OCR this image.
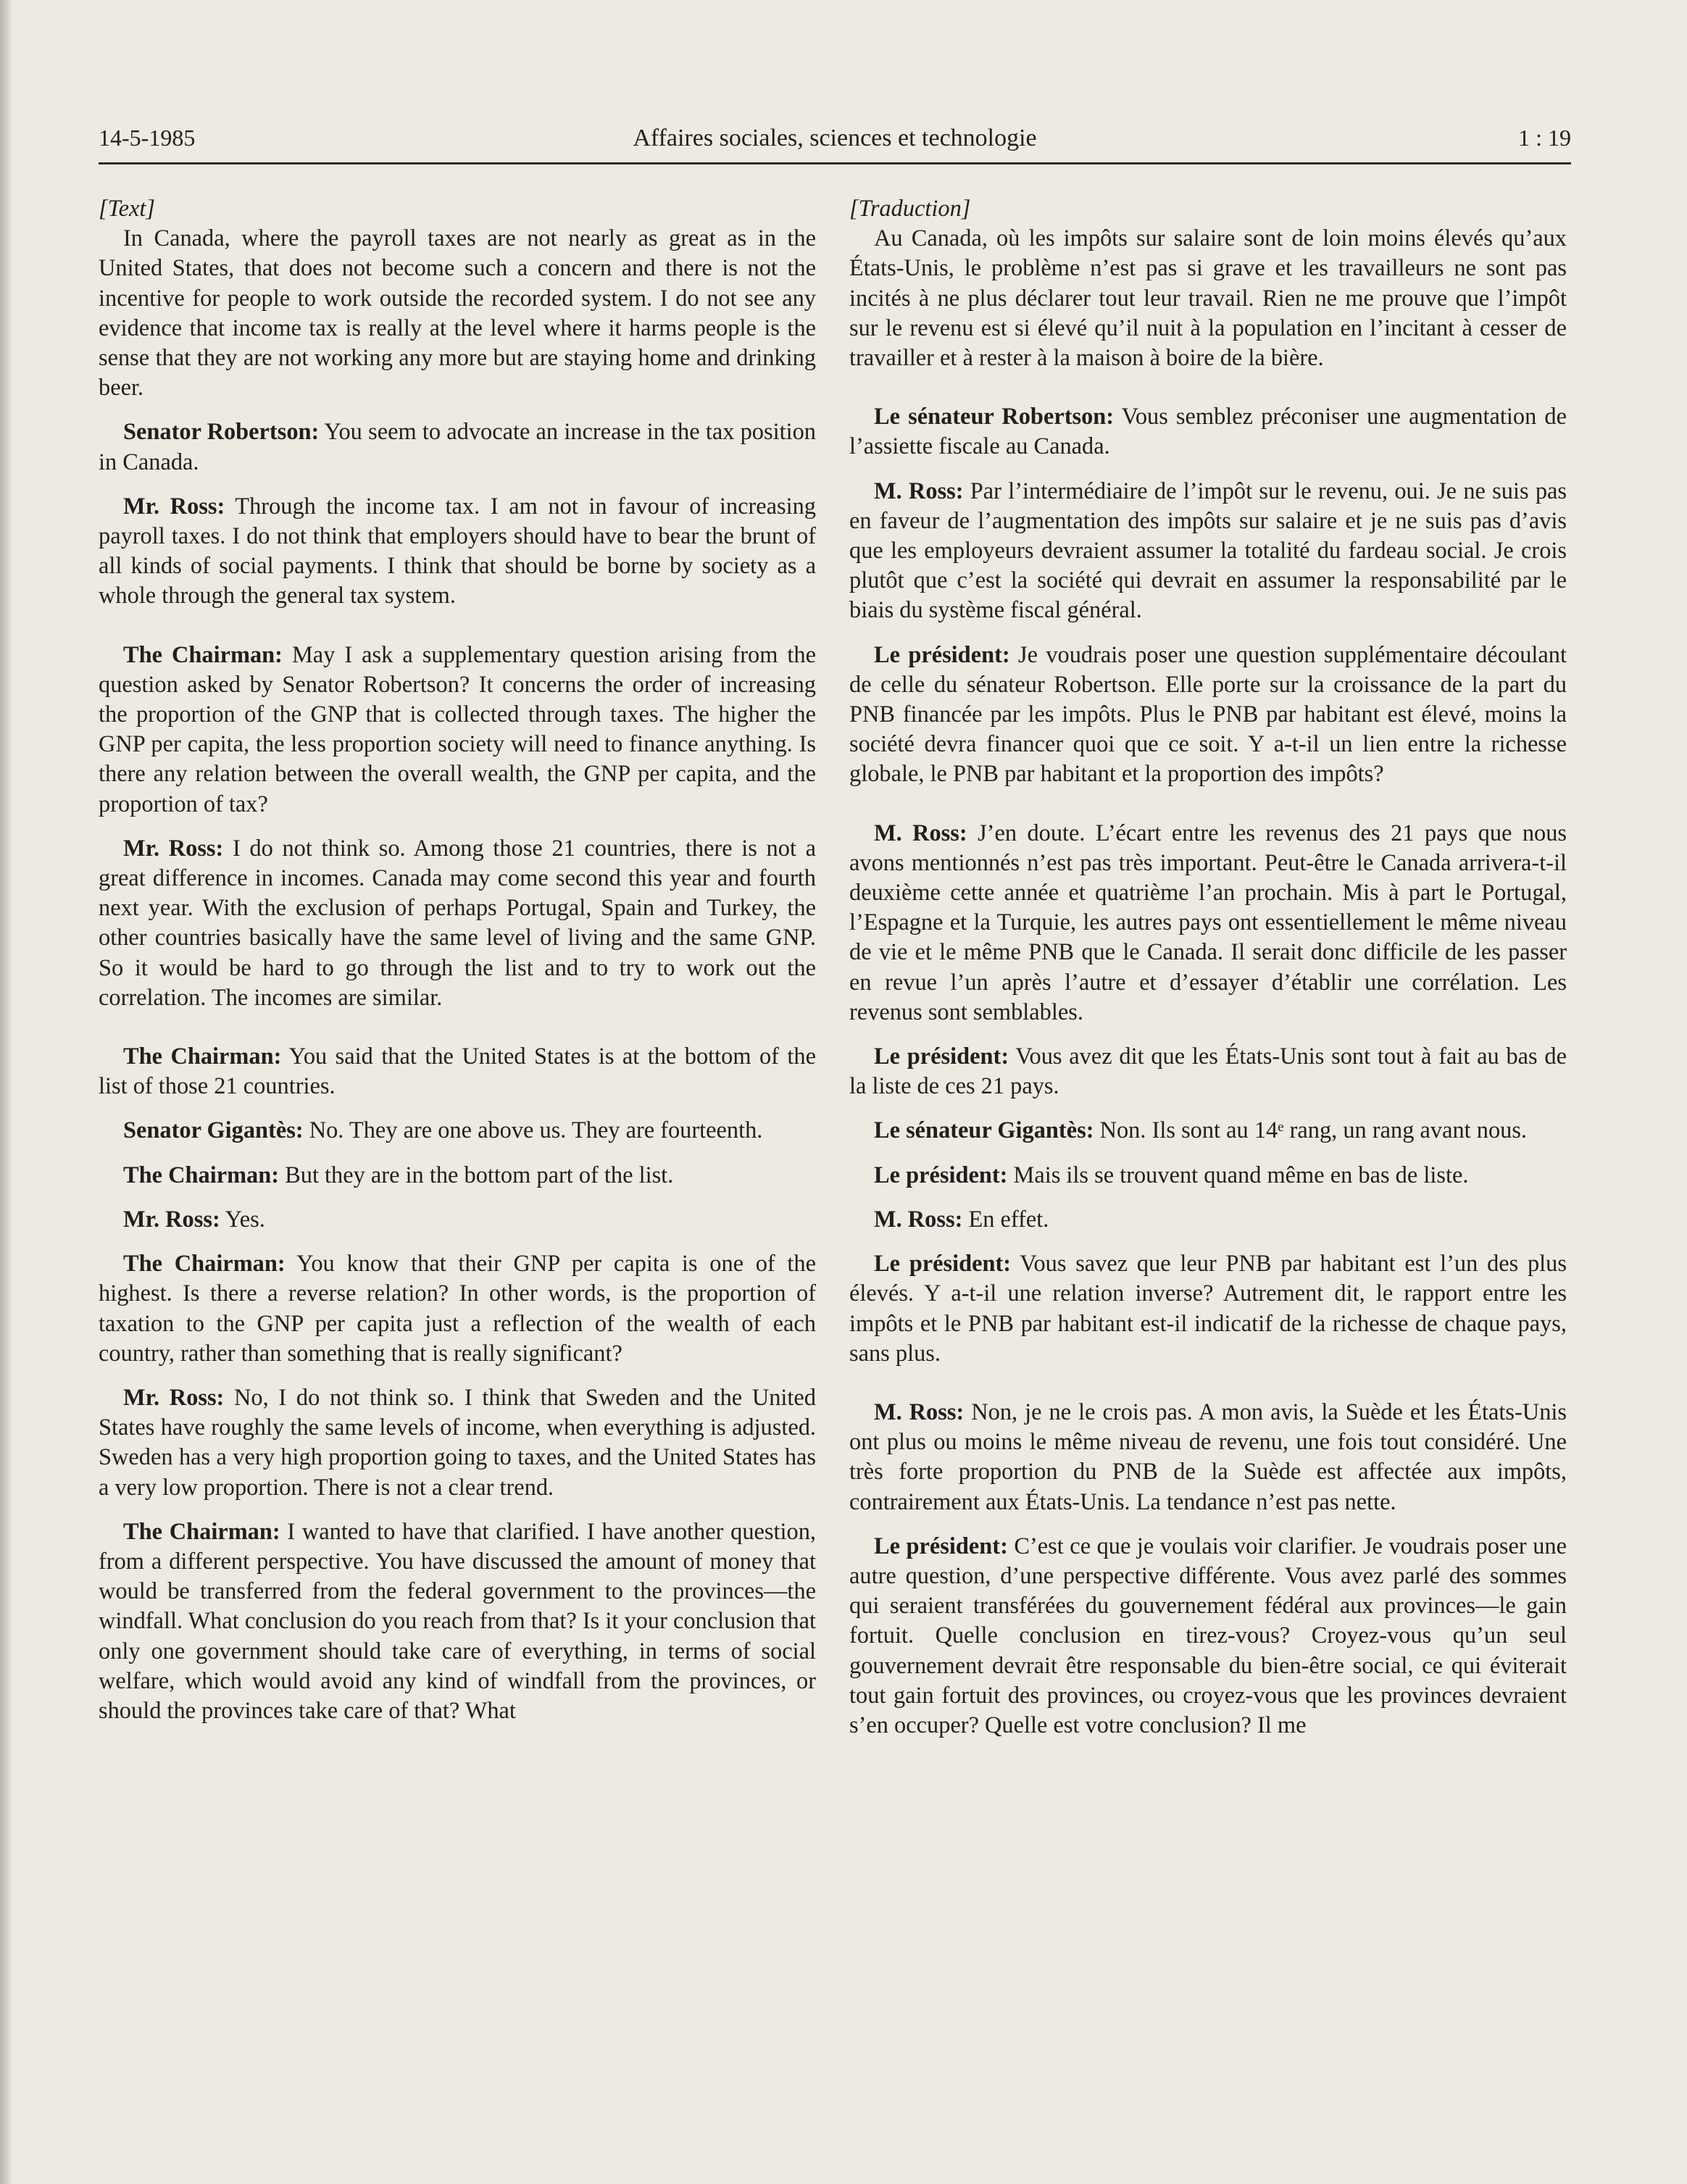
14-5-1985	Affaires sociales, sciences et technologie	1 : 19

[Text]

In Canada, where the payroll taxes are not nearly as great as in the United States, that does not become such a concern and there is not the incentive for people to work outside the recorded system. I do not see any evidence that income tax is really at the level where it harms people is the sense that they are not working any more but are staying home and drinking beer.

Senator Robertson: You seem to advocate an increase in the tax position in Canada.

Mr. Ross: Through the income tax. I am not in favour of increasing payroll taxes. I do not think that employers should have to bear the brunt of all kinds of social payments. I think that should be borne by society as a whole through the general tax system.

The Chairman: May I ask a supplementary question arising from the question asked by Senator Robertson? It concerns the order of increasing the proportion of the GNP that is collected through taxes. The higher the GNP per capita, the less proportion society will need to finance anything. Is there any relation between the overall wealth, the GNP per capita, and the proportion of tax?

Mr. Ross: I do not think so. Among those 21 countries, there is not a great difference in incomes. Canada may come second this year and fourth next year. With the exclusion of perhaps Portugal, Spain and Turkey, the other countries basically have the same level of living and the same GNP. So it would be hard to go through the list and to try to work out the correlation. The incomes are similar.

The Chairman: You said that the United States is at the bottom of the list of those 21 countries.

Senator Gigantès: No. They are one above us. They are fourteenth.

The Chairman: But they are in the bottom part of the list.

Mr. Ross: Yes.

The Chairman: You know that their GNP per capita is one of the highest. Is there a reverse relation? In other words, is the proportion of taxation to the GNP per capita just a reflection of the wealth of each country, rather than something that is really significant?

Mr. Ross: No, I do not think so. I think that Sweden and the United States have roughly the same levels of income, when everything is adjusted. Sweden has a very high proportion going to taxes, and the United States has a very low proportion. There is not a clear trend.

The Chairman: I wanted to have that clarified. I have another question, from a different perspective. You have discussed the amount of money that would be transferred from the federal government to the provinces—the windfall. What conclusion do you reach from that? Is it your conclusion that only one government should take care of everything, in terms of social welfare, which would avoid any kind of windfall from the provinces, or should the provinces take care of that? What

[Traduction]

Au Canada, où les impôts sur salaire sont de loin moins élevés qu’aux États-Unis, le problème n’est pas si grave et les travailleurs ne sont pas incités à ne plus déclarer tout leur travail. Rien ne me prouve que l’impôt sur le revenu est si élevé qu’il nuit à la population en l’incitant à cesser de travailler et à rester à la maison à boire de la bière.

Le sénateur Robertson: Vous semblez préconiser une augmentation de l’assiette fiscale au Canada.

M. Ross: Par l’intermédiaire de l’impôt sur le revenu, oui. Je ne suis pas en faveur de l’augmentation des impôts sur salaire et je ne suis pas d’avis que les employeurs devraient assumer la totalité du fardeau social. Je crois plutôt que c’est la société qui devrait en assumer la responsabilité par le biais du système fiscal général.

Le président: Je voudrais poser une question supplémentaire découlant de celle du sénateur Robertson. Elle porte sur la croissance de la part du PNB financée par les impôts. Plus le PNB par habitant est élevé, moins la société devra financer quoi que ce soit. Y a-t-il un lien entre la richesse globale, le PNB par habitant et la proportion des impôts?

M. Ross: J’en doute. L’écart entre les revenus des 21 pays que nous avons mentionnés n’est pas très important. Peut-être le Canada arrivera-t-il deuxième cette année et quatrième l’an prochain. Mis à part le Portugal, l’Espagne et la Turquie, les autres pays ont essentiellement le même niveau de vie et le même PNB que le Canada. Il serait donc difficile de les passer en revue l’un après l’autre et d’essayer d’établir une corrélation. Les revenus sont semblables.

Le président: Vous avez dit que les États-Unis sont tout à fait au bas de la liste de ces 21 pays.

Le sénateur Gigantès: Non. Ils sont au 14ᵉ rang, un rang avant nous.

Le président: Mais ils se trouvent quand même en bas de liste.

M. Ross: En effet.

Le président: Vous savez que leur PNB par habitant est l’un des plus élevés. Y a-t-il une relation inverse? Autrement dit, le rapport entre les impôts et le PNB par habitant est-il indicatif de la richesse de chaque pays, sans plus.

M. Ross: Non, je ne le crois pas. A mon avis, la Suède et les États-Unis ont plus ou moins le même niveau de revenu, une fois tout considéré. Une très forte proportion du PNB de la Suède est affectée aux impôts, contrairement aux États-Unis. La tendance n’est pas nette.

Le président: C’est ce que je voulais voir clarifier. Je voudrais poser une autre question, d’une perspective différente. Vous avez parlé des sommes qui seraient transférées du gouvernement fédéral aux provinces—le gain fortuit. Quelle conclusion en tirez-vous? Croyez-vous qu’un seul gouvernement devrait être responsable du bien-être social, ce qui éviterait tout gain fortuit des provinces, ou croyez-vous que les provinces devraient s’en occuper? Quelle est votre conclusion? Il me
